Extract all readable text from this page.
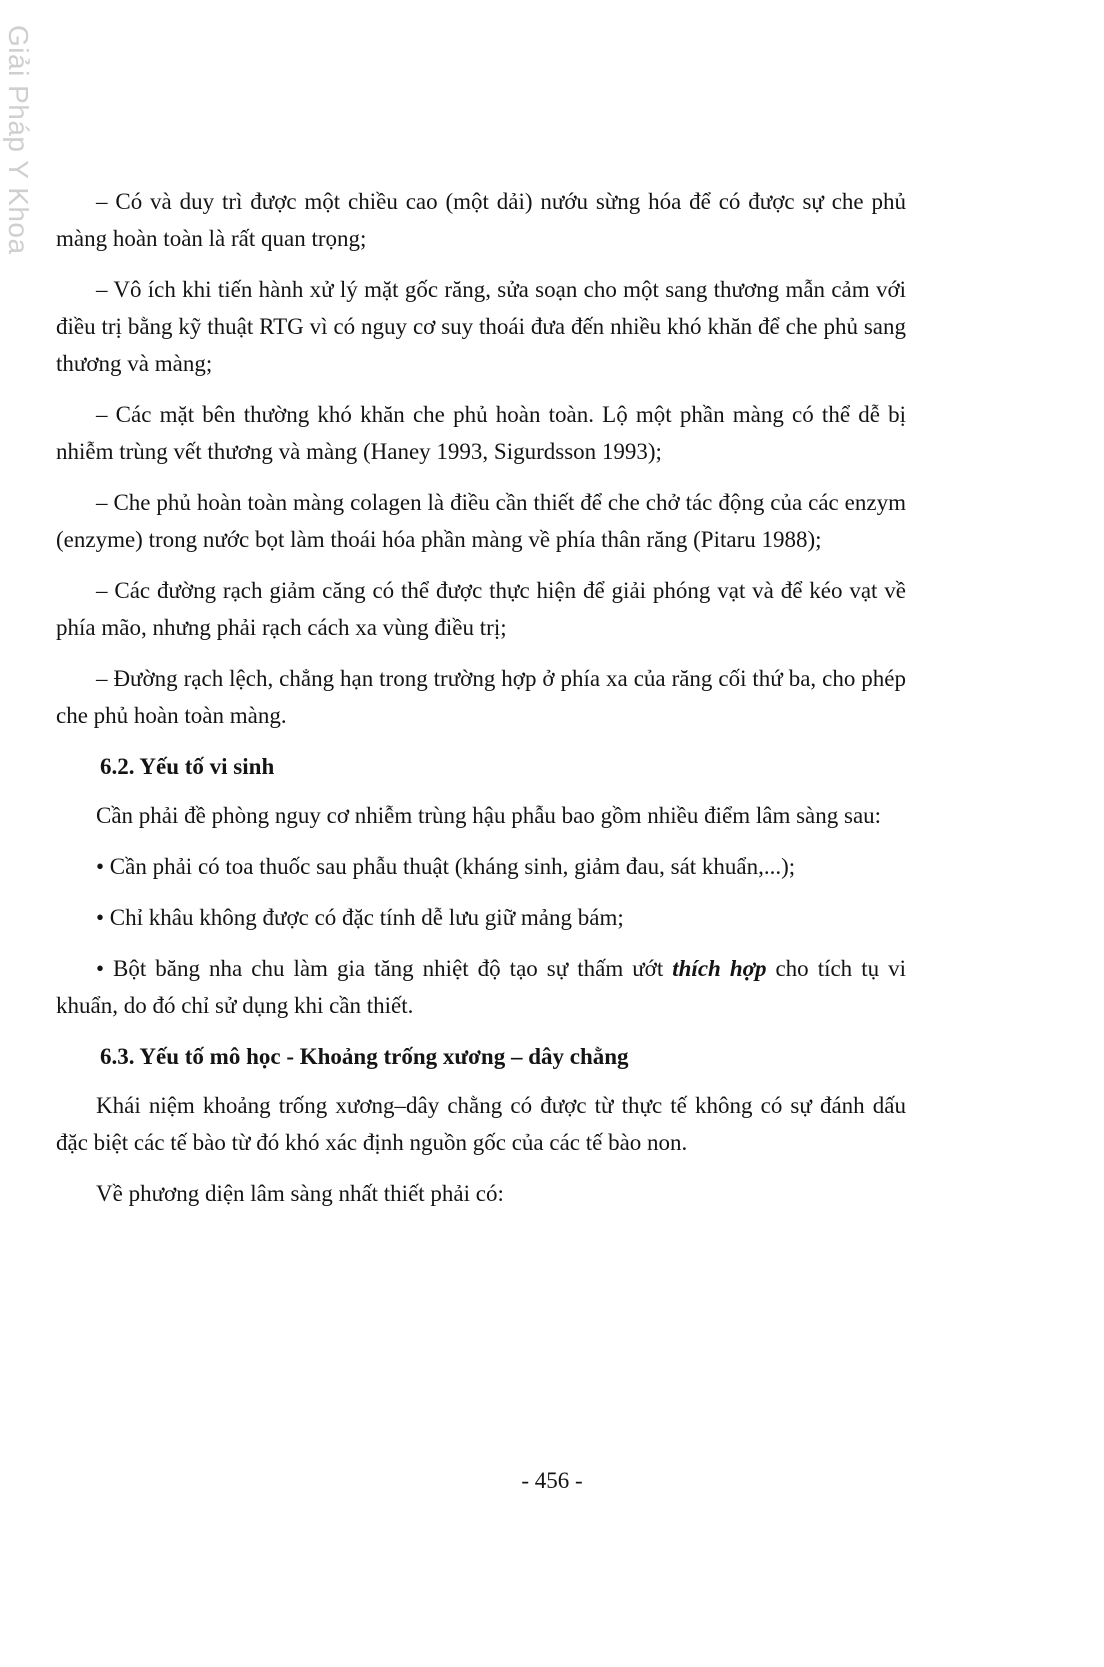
Giải Pháp Y Khoa	– Có và duy trì được một chiều cao (một dải) nướu sừng hóa để có được sự che phủ màng hoàn toàn là rất quan trọng;

– Vô ích khi tiến hành xử lý mặt gốc răng, sửa soạn cho một sang thương mẫn cảm với điều trị bằng kỹ thuật RTG vì có nguy cơ suy thoái đưa đến nhiều khó khăn để che phủ sang thương và màng;

– Các mặt bên thường khó khăn che phủ hoàn toàn. Lộ một phần màng có thể dễ bị nhiễm trùng vết thương và màng (Haney 1993, Sigurdsson 1993);

– Che phủ hoàn toàn màng colagen là điều cần thiết để che chở tác động của các enzym (enzyme) trong nước bọt làm thoái hóa phần màng về phía thân răng (Pitaru 1988);

– Các đường rạch giảm căng có thể được thực hiện để giải phóng vạt và để kéo vạt về phía mão, nhưng phải rạch cách xa vùng điều trị;

– Đường rạch lệch, chẳng hạn trong trường hợp ở phía xa của răng cối thứ ba, cho phép che phủ hoàn toàn màng.

6.2. Yếu tố vi sinh

Cần phải đề phòng nguy cơ nhiễm trùng hậu phẫu bao gồm nhiều điểm lâm sàng sau:

• Cần phải có toa thuốc sau phẫu thuật (kháng sinh, giảm đau, sát khuẩn,...);

• Chỉ khâu không được có đặc tính dễ lưu giữ mảng bám;

• Bột băng nha chu làm gia tăng nhiệt độ tạo sự thấm ướt thích hợp cho tích tụ vi khuẩn, do đó chỉ sử dụng khi cần thiết.

6.3. Yếu tố mô học - Khoảng trống xương – dây chằng

Khái niệm khoảng trống xương–dây chằng có được từ thực tế không có sự đánh dấu đặc biệt các tế bào từ đó khó xác định nguồn gốc của các tế bào non.

Về phương diện lâm sàng nhất thiết phải có:

- 456 -
